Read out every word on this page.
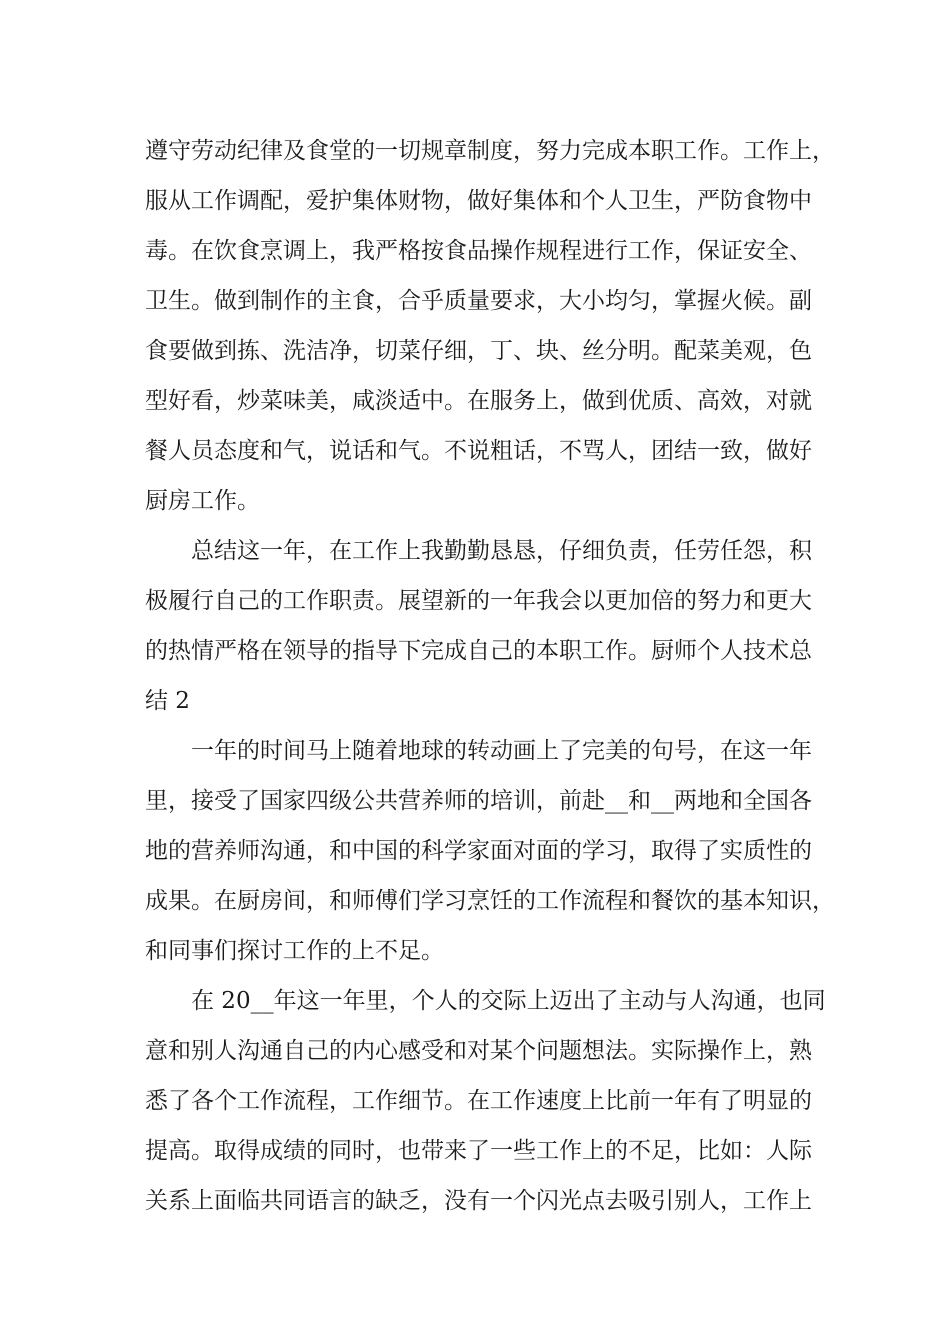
遵守劳动纪律及食堂的一切规章制度，努力完成本职工作。工作上，

服从工作调配，爱护集体财物，做好集体和个人卫生，严防食物中

毒。在饮食烹调上，我严格按食品操作规程进行工作，保证安全、

卫生。做到制作的主食，合乎质量要求，大小均匀，掌握火候。副

食要做到拣、洗洁净，切菜仔细，丁、块、丝分明。配菜美观，色

型好看，炒菜味美，咸淡适中。在服务上，做到优质、高效，对就

餐人员态度和气，说话和气。不说粗话，不骂人，团结一致，做好

厨房工作。

总结这一年，在工作上我勤勤恳恳，仔细负责，任劳任怨，积

极履行自己的工作职责。展望新的一年我会以更加倍的努力和更大

的热情严格在领导的指导下完成自己的本职工作。厨师个人技术总

结 2

一年的时间马上随着地球的转动画上了完美的句号，在这一年

里，接受了国家四级公共营养师的培训，前赴__和__两地和全国各

地的营养师沟通，和中国的科学家面对面的学习，取得了实质性的

成果。在厨房间，和师傅们学习烹饪的工作流程和餐饮的基本知识，

和同事们探讨工作的上不足。

在 20__年这一年里，个人的交际上迈出了主动与人沟通，也同

意和别人沟通自己的内心感受和对某个问题想法。实际操作上，熟

悉了各个工作流程，工作细节。在工作速度上比前一年有了明显的

提高。取得成绩的同时，也带来了一些工作上的不足，比如：人际

关系上面临共同语言的缺乏，没有一个闪光点去吸引别人，工作上
